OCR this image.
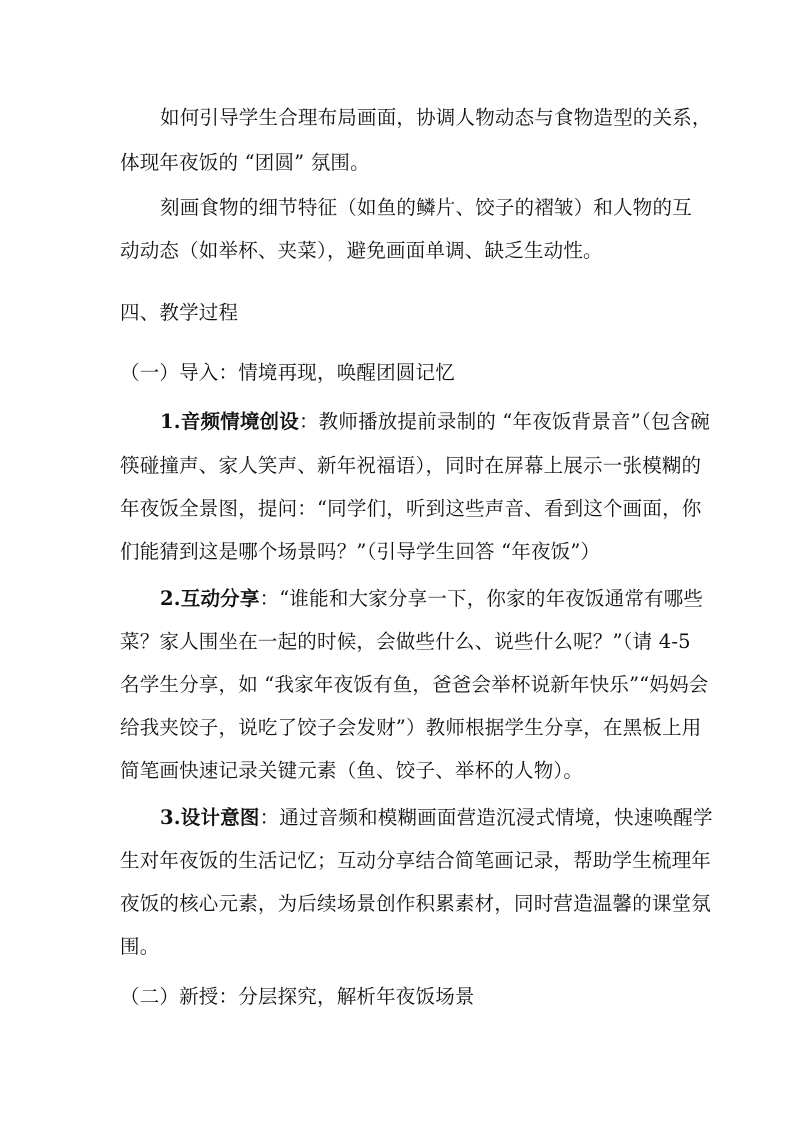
如何引导学生合理布局画面，协调人物动态与食物造型的关系，
体现年夜饭的 “团圆” 氛围。
刻画食物的细节特征（如鱼的鳞片、饺子的褶皱）和人物的互
动动态（如举杯、夹菜），避免画面单调、缺乏生动性。
四、教学过程
（一）导入：情境再现，唤醒团圆记忆
1.音频情境创设：教师播放提前录制的 “年夜饭背景音”（包含碗
筷碰撞声、家人笑声、新年祝福语），同时在屏幕上展示一张模糊的
年夜饭全景图，提问：“同学们，听到这些声音、看到这个画面，你
们能猜到这是哪个场景吗？”（引导学生回答 “年夜饭”）
2.互动分享：“谁能和大家分享一下，你家的年夜饭通常有哪些
菜？家人围坐在一起的时候，会做些什么、说些什么呢？”（请 4-5
名学生分享，如 “我家年夜饭有鱼，爸爸会举杯说新年快乐”“妈妈会
给我夹饺子，说吃了饺子会发财”）教师根据学生分享，在黑板上用
简笔画快速记录关键元素（鱼、饺子、举杯的人物）。
3.设计意图：通过音频和模糊画面营造沉浸式情境，快速唤醒学
生对年夜饭的生活记忆；互动分享结合简笔画记录，帮助学生梳理年
夜饭的核心元素，为后续场景创作积累素材，同时营造温馨的课堂氛
围。
（二）新授：分层探究，解析年夜饭场景
